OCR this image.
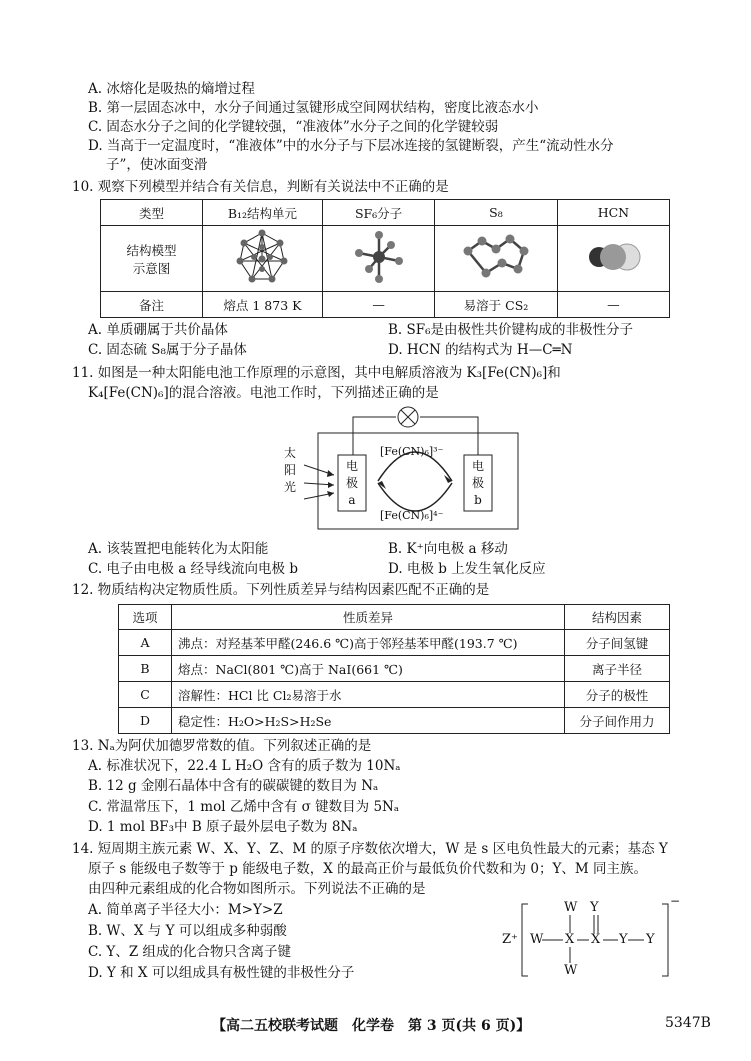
A. 冰熔化是吸热的熵增过程
B. 第一层固态冰中，水分子间通过氢键形成空间网状结构，密度比液态水小
C. 固态水分子之间的化学键较强，“准液体”水分子之间的化学键较弱
D. 当高于一定温度时，“准液体”中的水分子与下层冰连接的氢键断裂，产生“流动性水分
子”，使冰面变滑
10. 观察下列模型并结合有关信息，判断有关说法中不正确的是
类型	B₁₂结构单元	SF₆分子	S₈	HCN

结构模型
示意图

备注	熔点 1 873 K	—	易溶于 CS₂	—
A. 单质硼属于共价晶体	B. SF₆是由极性共价键构成的非极性分子
C. 固态硫 S₈属于分子晶体	D. HCN 的结构式为 H—C═N
11. 如图是一种太阳能电池工作原理的示意图，其中电解质溶液为 K₃[Fe(CN)₆]和
K₄[Fe(CN)₆]的混合溶液。电池工作时，下列描述正确的是
太
阳
光
电
极
a
电
极
b
[Fe(CN)₆]³⁻
[Fe(CN)₆]⁴⁻
A. 该装置把电能转化为太阳能	B. K⁺向电极 a 移动
C. 电子由电极 a 经导线流向电极 b	D. 电极 b 上发生氧化反应
12. 物质结构决定物质性质。下列性质差异与结构因素匹配不正确的是
选项	性质差异	结构因素
A	沸点：对羟基苯甲醛(246.6 ℃)高于邻羟基苯甲醛(193.7 ℃)	分子间氢键
B	熔点：NaCl(801 ℃)高于 NaI(661 ℃)	离子半径
C	溶解性：HCl 比 Cl₂易溶于水	分子的极性
D	稳定性：H₂O>H₂S>H₂Se	分子间作用力
13. Nₐ为阿伏加德罗常数的值。下列叙述正确的是
A. 标准状况下，22.4 L H₂O 含有的质子数为 10Nₐ
B. 12 g 金刚石晶体中含有的碳碳键的数目为 Nₐ
C. 常温常压下，1 mol 乙烯中含有 σ 键数目为 5Nₐ
D. 1 mol BF₃中 B 原子最外层电子数为 8Nₐ
14. 短周期主族元素 W、X、Y、Z、M 的原子序数依次增大，W 是 s 区电负性最大的元素；基态 Y
原子 s 能级电子数等于 p 能级电子数，X 的最高正价与最低负价代数和为 0；Y、M 同主族。
由四种元素组成的化合物如图所示。下列说法不正确的是
A. 简单离子半径大小：M>Y>Z
B. W、X 与 Y 可以组成多种弱酸
C. Y、Z 组成的化合物只含离子键
D. Y 和 X 可以组成具有极性键的非极性分子
Z⁺
W Y
W X X Y Y
W
−
【高二五校联考试题　化学卷　第 3 页(共 6 页)】	5347B
